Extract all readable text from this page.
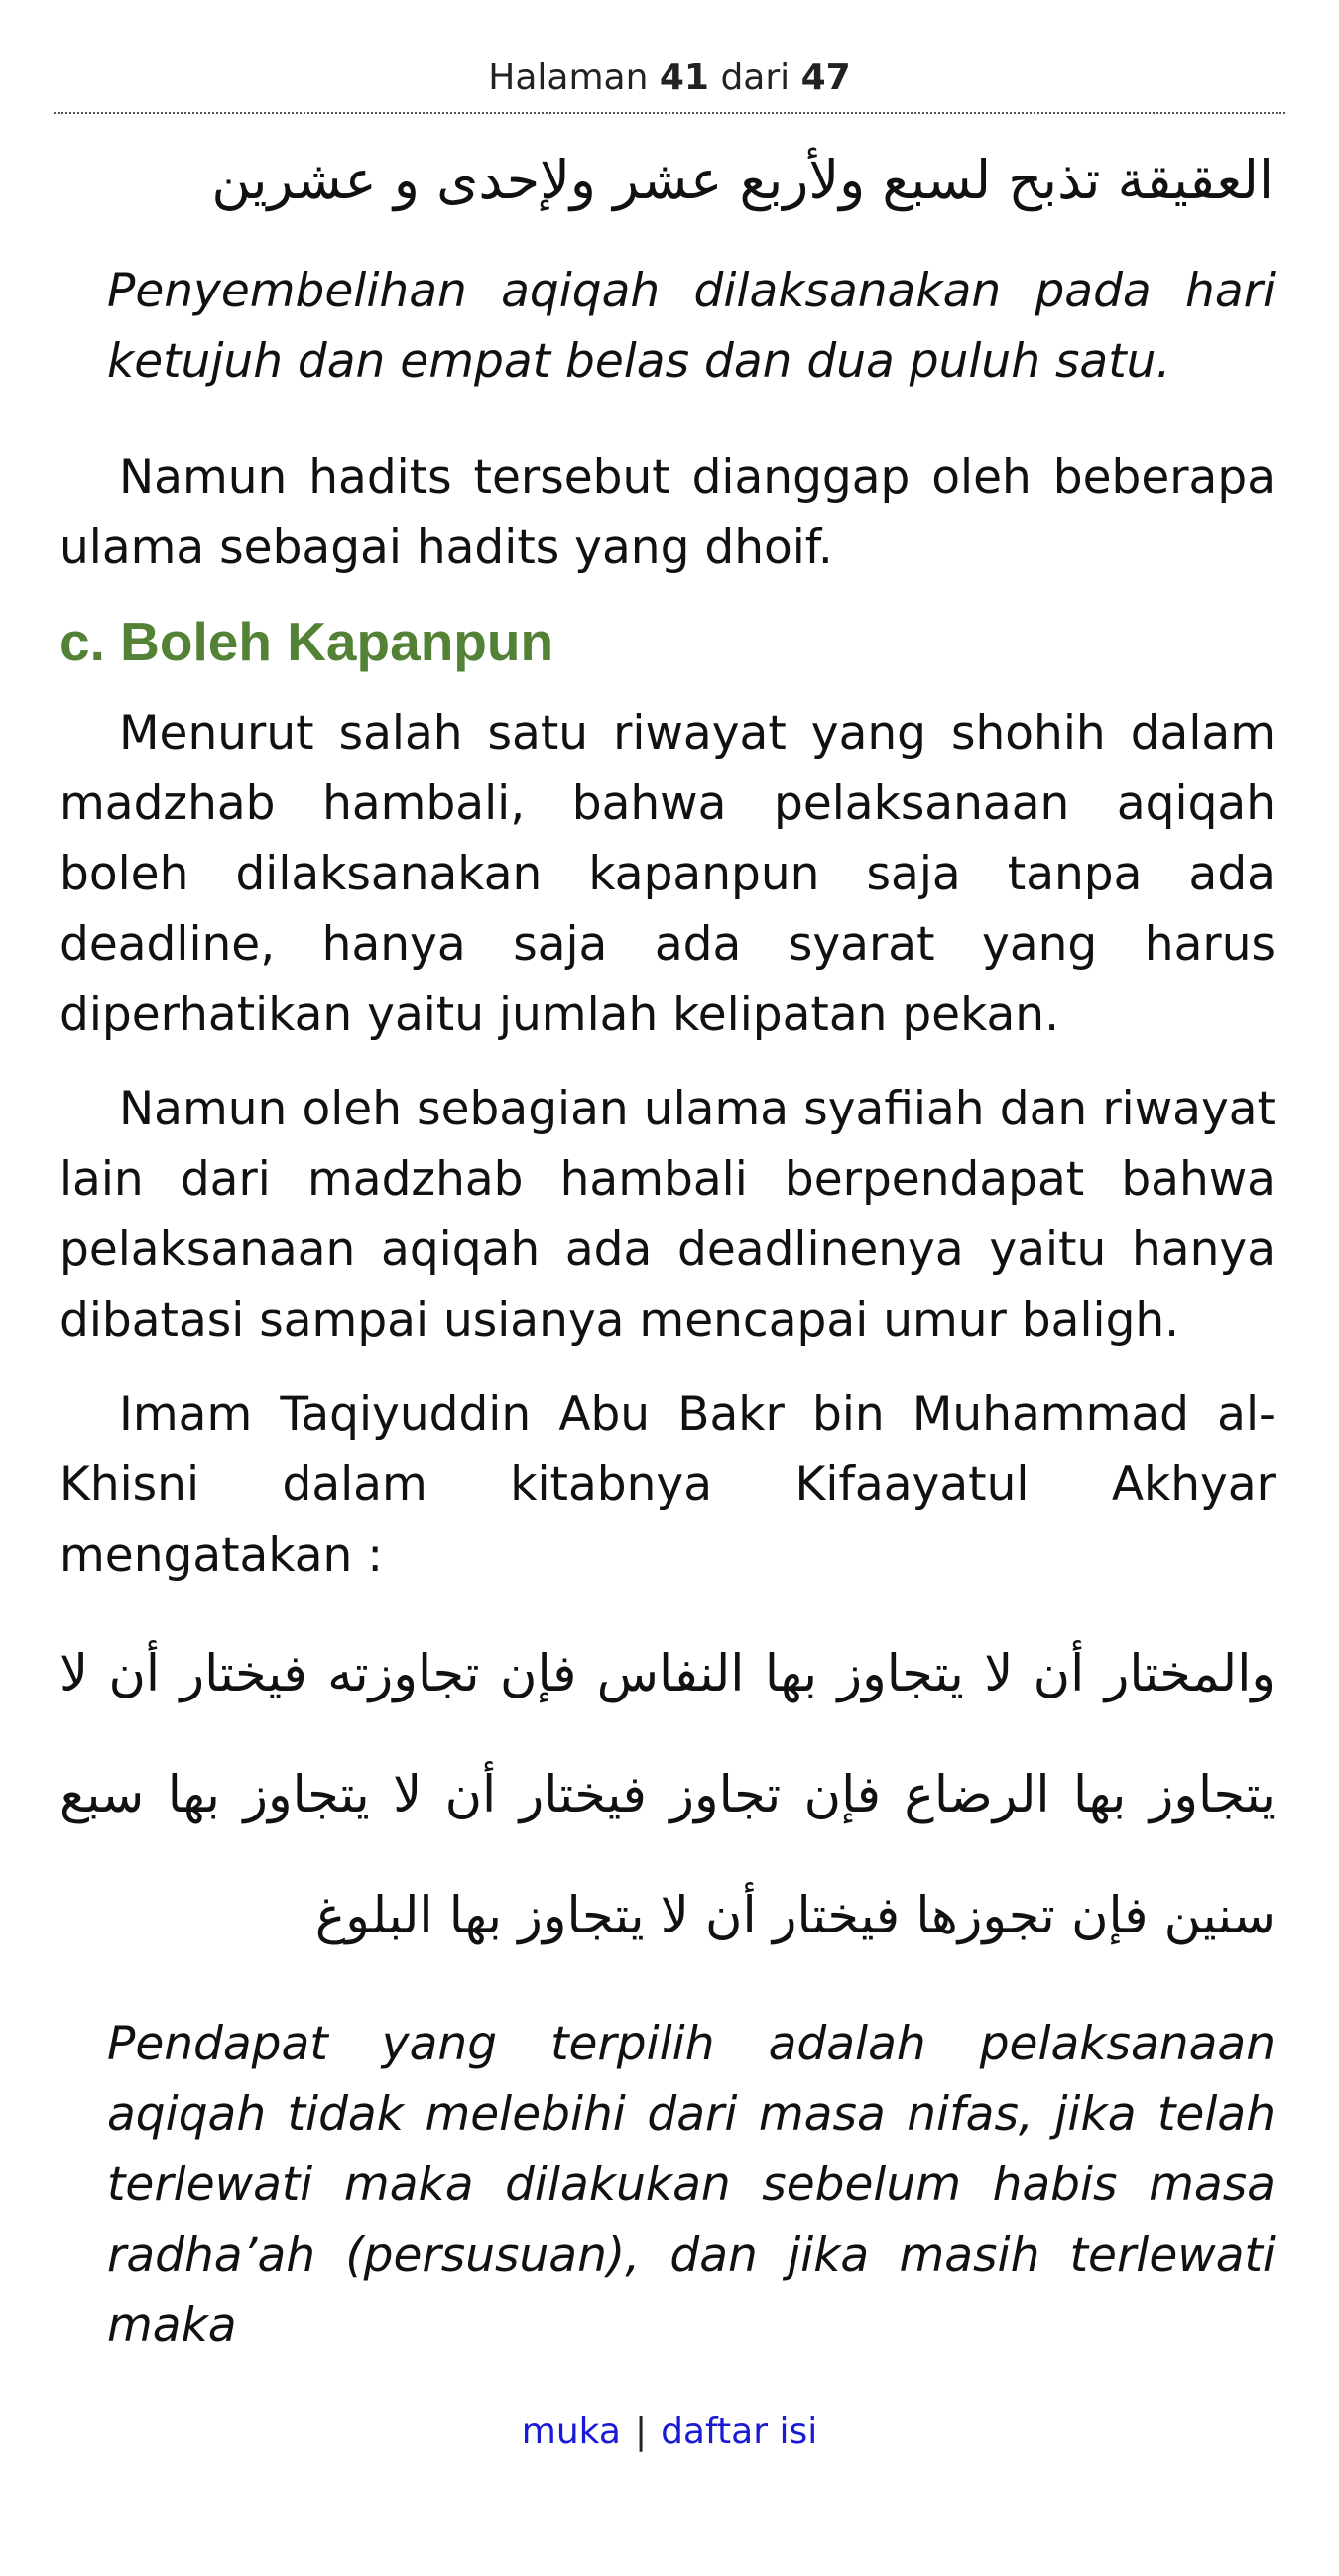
Halaman 41 dari 47
العقيقة تذبح لسبع ولأربع عشر ولإحدى و عشرين

Penyembelihan aqiqah dilaksanakan pada hari ketujuh dan empat belas dan dua puluh satu.

Namun hadits tersebut dianggap oleh beberapa ulama sebagai hadits yang dhoif.

c. Boleh Kapanpun

Menurut salah satu riwayat yang shohih dalam madzhab hambali, bahwa pelaksanaan aqiqah boleh dilaksanakan kapanpun saja tanpa ada deadline, hanya saja ada syarat yang harus diperhatikan yaitu jumlah kelipatan pekan.

Namun oleh sebagian ulama syafiiah dan riwayat lain dari madzhab hambali berpendapat bahwa pelaksanaan aqiqah ada deadlinenya yaitu hanya dibatasi sampai usianya mencapai umur baligh.

Imam Taqiyuddin Abu Bakr bin Muhammad al-Khisni dalam kitabnya Kifaayatul Akhyar mengatakan :

والمختار أن لا يتجاوز بها النفاس فإن تجاوزته فيختار أن لا يتجاوز بها الرضاع فإن تجاوز فيختار أن لا يتجاوز بها سبع سنين فإن تجوزها فيختار أن لا يتجاوز بها البلوغ

Pendapat yang terpilih adalah pelaksanaan aqiqah tidak melebihi dari masa nifas, jika telah terlewati maka dilakukan sebelum habis masa radha’ah (persusuan), dan jika masih terlewati maka

muka | daftar isi
